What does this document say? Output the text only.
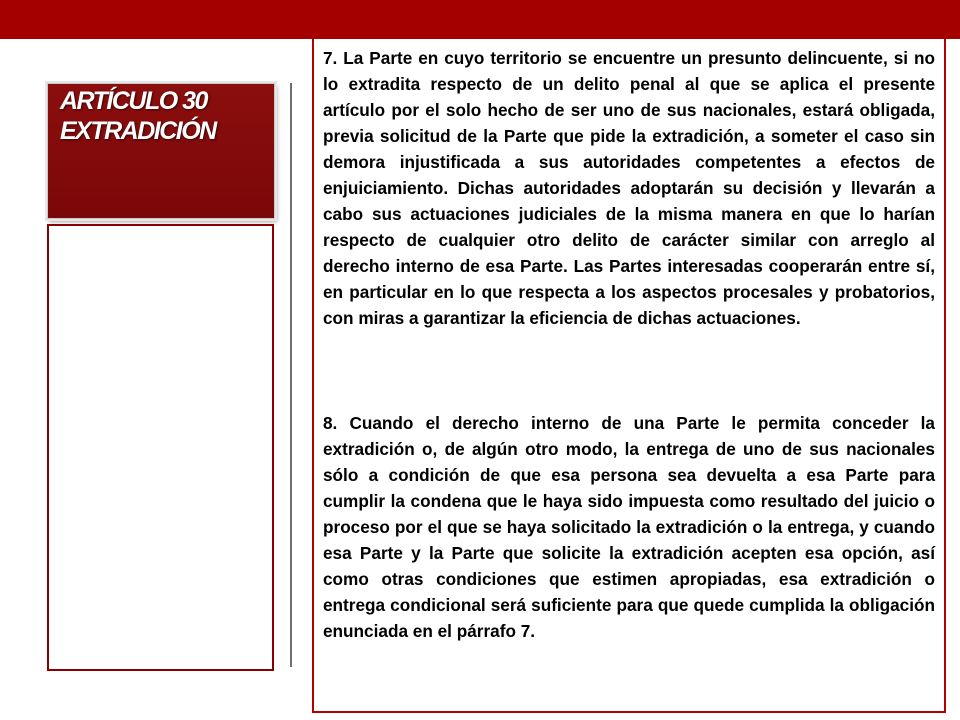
ARTÍCULO 30
EXTRADICIÓN

7. La Parte en cuyo territorio se encuentre un presunto delincuente, si no lo extradita respecto de un delito penal al que se aplica el presente artículo por el solo hecho de ser uno de sus nacionales, estará obligada, previa solicitud de la Parte que pide la extradición, a someter el caso sin demora injustificada a sus autoridades competentes a efectos de enjuiciamiento. Dichas autoridades adoptarán su decisión y llevarán a cabo sus actuaciones judiciales de la misma manera en que lo harían respecto de cualquier otro delito de carácter similar con arreglo al derecho interno de esa Parte. Las Partes interesadas cooperarán entre sí, en particular en lo que respecta a los aspectos procesales y probatorios, con miras a garantizar la eficiencia de dichas actuaciones.

8. Cuando el derecho interno de una Parte le permita conceder la extradición o, de algún otro modo, la entrega de uno de sus nacionales sólo a condición de que esa persona sea devuelta a esa Parte para cumplir la condena que le haya sido impuesta como resultado del juicio o proceso por el que se haya solicitado la extradición o la entrega, y cuando esa Parte y la Parte que solicite la extradición acepten esa opción, así como otras condiciones que estimen apropiadas, esa extradición o entrega condicional será suficiente para que quede cumplida la obligación enunciada en el párrafo 7.
